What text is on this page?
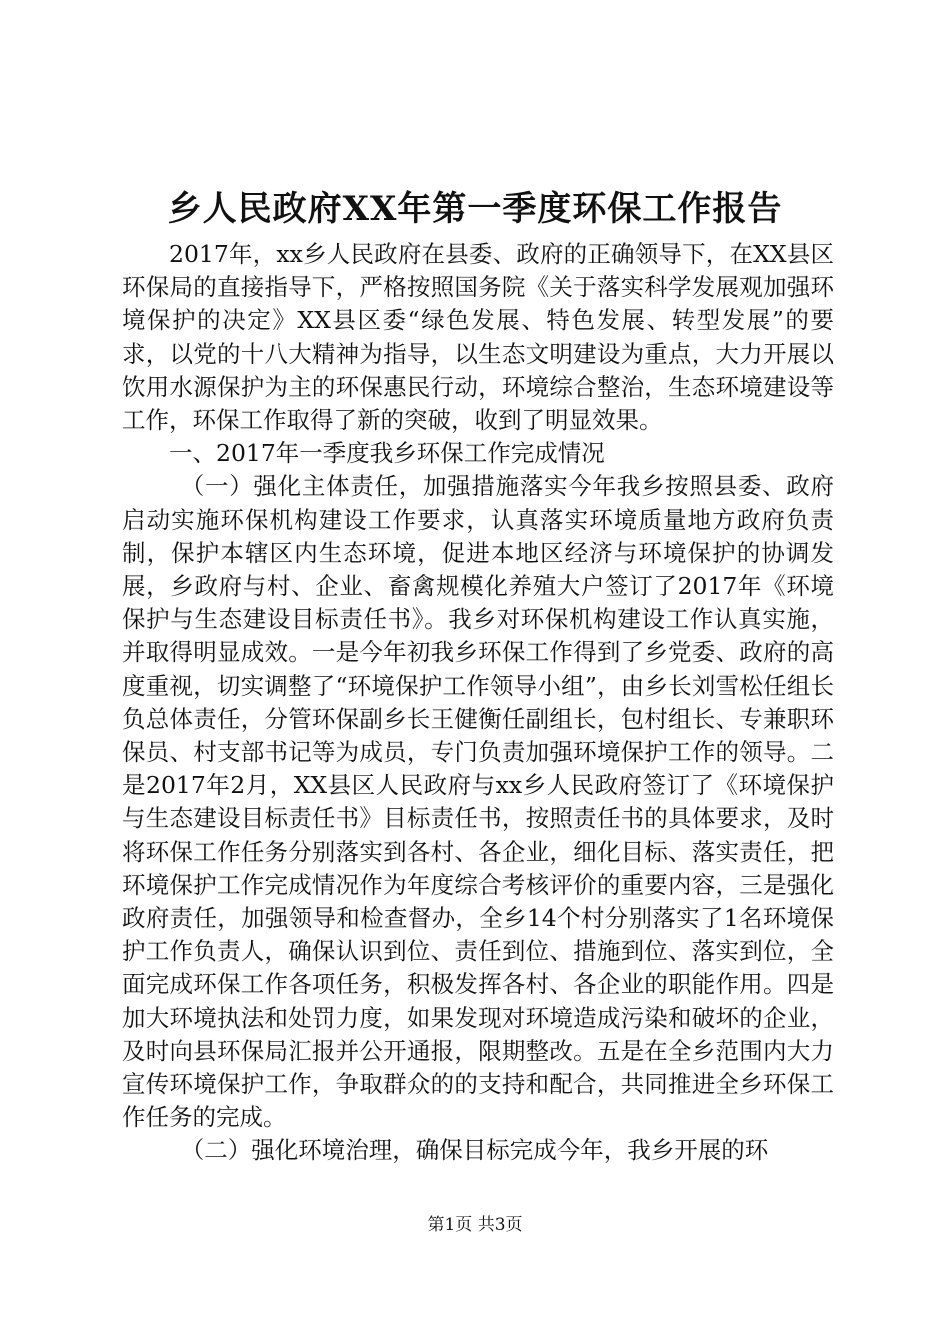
乡人民政府XX年第一季度环保工作报告

2017年，xx乡人民政府在县委、政府的正确领导下，在XX县区环保局的直接指导下，严格按照国务院《关于落实科学发展观加强环境保护的决定》XX县区委“绿色发展、特色发展、转型发展”的要求，以党的十八大精神为指导，以生态文明建设为重点，大力开展以饮用水源保护为主的环保惠民行动，环境综合整治，生态环境建设等工作，环保工作取得了新的突破，收到了明显效果。

一、2017年一季度我乡环保工作完成情况

（一）强化主体责任，加强措施落实今年我乡按照县委、政府启动实施环保机构建设工作要求，认真落实环境质量地方政府负责制，保护本辖区内生态环境，促进本地区经济与环境保护的协调发展，乡政府与村、企业、畜禽规模化养殖大户签订了2017年《环境保护与生态建设目标责任书》。我乡对环保机构建设工作认真实施，并取得明显成效。一是今年初我乡环保工作得到了乡党委、政府的高度重视，切实调整了“环境保护工作领导小组”，由乡长刘雪松任组长负总体责任，分管环保副乡长王健衡任副组长，包村组长、专兼职环保员、村支部书记等为成员，专门负责加强环境保护工作的领导。二是2017年2月，XX县区人民政府与xx乡人民政府签订了《环境保护与生态建设目标责任书》目标责任书，按照责任书的具体要求，及时将环保工作任务分别落实到各村、各企业，细化目标、落实责任，把环境保护工作完成情况作为年度综合考核评价的重要内容，三是强化政府责任，加强领导和检查督办，全乡14个村分别落实了1名环境保护工作负责人，确保认识到位、责任到位、措施到位、落实到位，全面完成环保工作各项任务，积极发挥各村、各企业的职能作用。四是加大环境执法和处罚力度，如果发现对环境造成污染和破坏的企业，及时向县环保局汇报并公开通报，限期整改。五是在全乡范围内大力宣传环境保护工作，争取群众的的支持和配合，共同推进全乡环保工作任务的完成。

（二）强化环境治理，确保目标完成今年，我乡开展的环

第1页 共3页
